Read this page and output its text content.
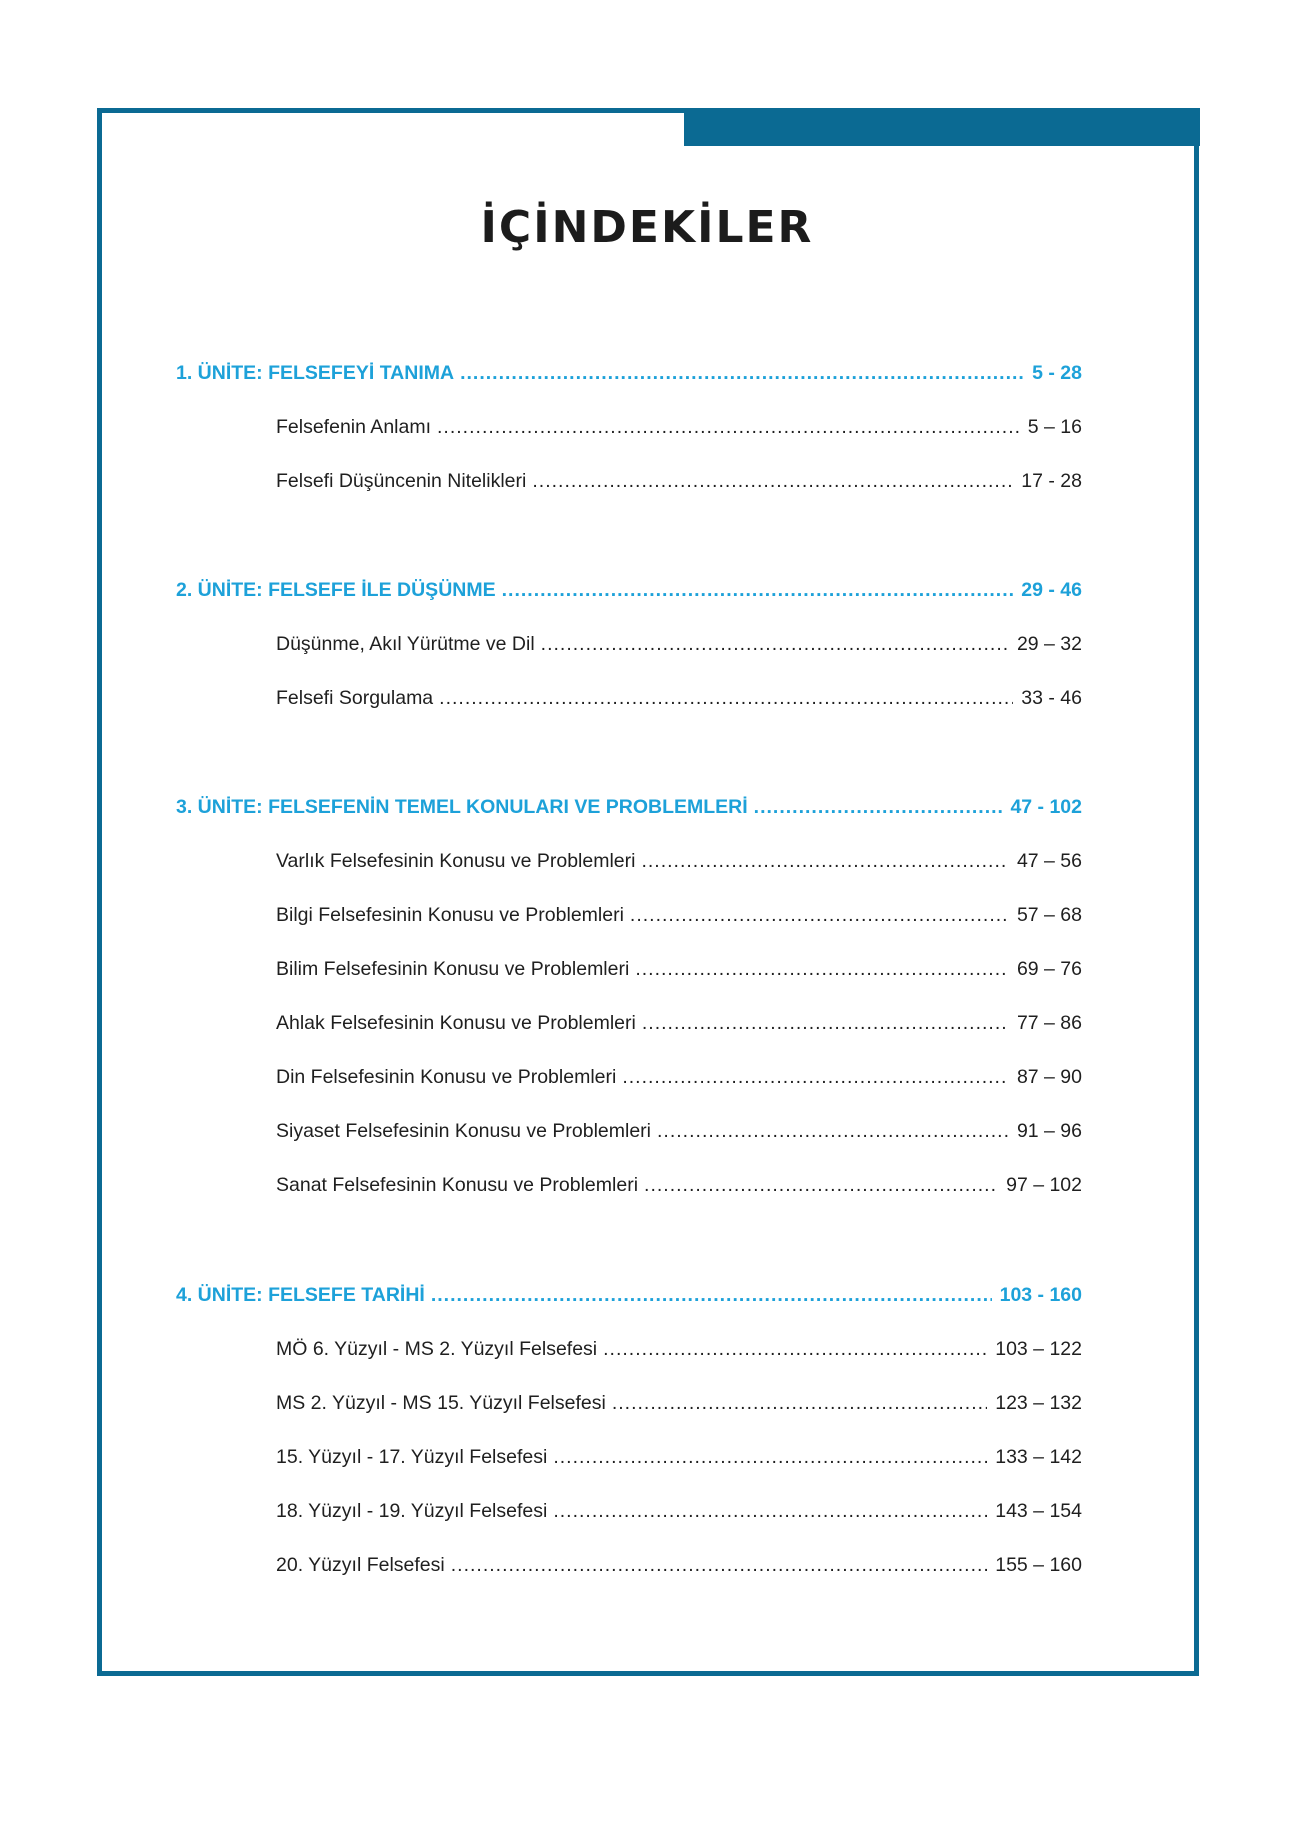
İÇİNDEKİLER
1. ÜNİTE: FELSEFEYİ TANIMA .....	5 - 28
Felsefenin Anlamı .....	5 – 16
Felsefi Düşüncenin Nitelikleri .....	17 - 28
2. ÜNİTE: FELSEFE İLE DÜŞÜNME .....	29 - 46
Düşünme, Akıl Yürütme ve Dil .....	29 – 32
Felsefi Sorgulama .....	33 - 46
3. ÜNİTE: FELSEFENİN TEMEL KONULARI VE PROBLEMLERİ .....	47 - 102
Varlık Felsefesinin Konusu ve Problemleri .....	47 – 56
Bilgi Felsefesinin Konusu ve Problemleri .....	57 – 68
Bilim Felsefesinin Konusu ve Problemleri .....	69 – 76
Ahlak Felsefesinin Konusu ve Problemleri .....	77 – 86
Din Felsefesinin Konusu ve Problemleri .....	87 – 90
Siyaset Felsefesinin Konusu ve Problemleri .....	91 – 96
Sanat Felsefesinin Konusu ve Problemleri .....	97 – 102
4. ÜNİTE: FELSEFE TARİHİ .....	103 - 160
MÖ 6. Yüzyıl - MS 2. Yüzyıl Felsefesi .....	103 – 122
MS 2. Yüzyıl - MS 15. Yüzyıl Felsefesi .....	123 – 132
15. Yüzyıl - 17. Yüzyıl Felsefesi .....	133 – 142
18. Yüzyıl - 19. Yüzyıl Felsefesi .....	143 – 154
20. Yüzyıl Felsefesi .....	155 – 160
